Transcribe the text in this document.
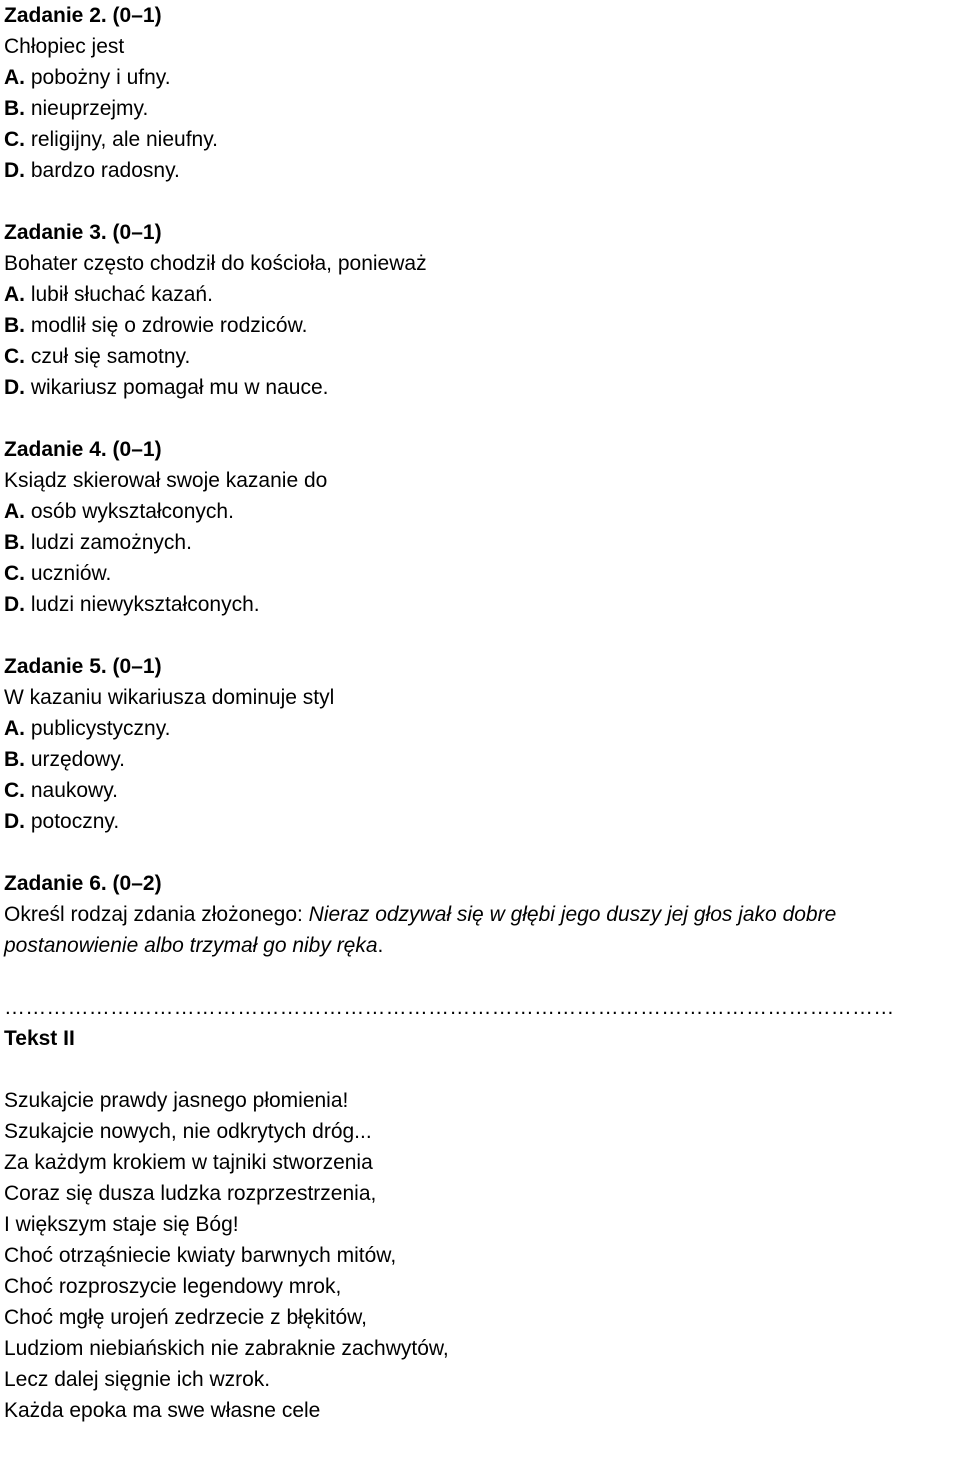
Zadanie 2. (0–1)
Chłopiec jest
A. pobożny i ufny.
B. nieuprzejmy.
C. religijny, ale nieufny.
D. bardzo radosny.
Zadanie 3. (0–1)
Bohater często chodził do kościoła, ponieważ
A. lubił słuchać kazań.
B. modlił się o zdrowie rodziców.
C. czuł się samotny.
D. wikariusz pomagał mu w nauce.
Zadanie 4. (0–1)
Ksiądz skierował swoje kazanie do
A. osób wykształconych.
B. ludzi zamożnych.
C. uczniów.
D. ludzi niewykształconych.
Zadanie 5. (0–1)
W kazaniu wikariusza dominuje styl
A. publicystyczny.
B. urzędowy.
C. naukowy.
D. potoczny.
Zadanie 6. (0–2)
Określ rodzaj zdania złożonego: Nieraz odzywał się w głębi jego duszy jej głos jako dobre
postanowienie albo trzymał go niby ręka.
………………………………………………………………………………………………………………
Tekst II
Szukajcie prawdy jasnego płomienia!
Szukajcie nowych, nie odkrytych dróg...
Za każdym krokiem w tajniki stworzenia
Coraz się dusza ludzka rozprzestrzenia,
I większym staje się Bóg!
Choć otrząśniecie kwiaty barwnych mitów,
Choć rozproszycie legendowy mrok,
Choć mgłę urojeń zedrzecie z błękitów,
Ludziom niebiańskich nie zabraknie zachwytów,
Lecz dalej sięgnie ich wzrok.
Każda epoka ma swe własne cele
